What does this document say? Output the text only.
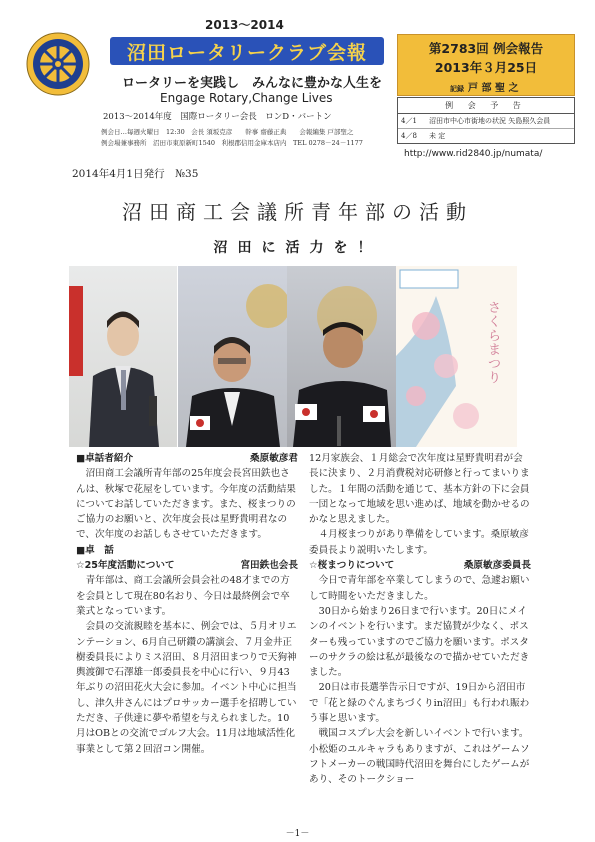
2013～2014
沼田ロータリークラブ会報
ロータリーを実践し　みんなに豊かな人生を
Engage Rotary,Change Lives
2013～2014年度　国際ロータリー会長　ロンD・バートン
例会日…毎週火曜日　12:30　会長 須坂克彦　　幹事 齋藤正典　　会報編集 戸部聖之
例会場兼事務所　沼田市東原新町1540　利根郡信用金庫本店内　TEL 0278－24－1177
第2783回 例会報告
2013年３月25日
記録 戸 部 聖 之
例 会 予 告
4／1	沼田市中心市街地の状況 矢島照久会員
4／8	未 定
http://www.rid2840.jp/numata/
2014年4月1日発行　№35
沼田商工会議所青年部の活動
沼田に活力を！
さくらまつり

■卓話者紹介	桑原敏彦君

沼田商工会議所青年部の25年度会長宮田鉄也さんは、秋塚で花屋をしています。今年度の活動結果についてお話していただきます。また、桜まつりのご協力のお願いと、次年度会長は星野貴明君なので、次年度のお話しもさせていただきます。

■卓　話

☆25年度活動について	宮田鉄也会長

青年部は、商工会議所会員会社の48才までの方を会員として現在80名おり、今日は最終例会で卒業式となっています。

会員の交流親睦を基本に、例会では、５月オリエンテーション、6月自己研鑽の講演会、７月金井正樹委員長によりミス沼田、８月沼田まつりで天狗神輿渡御で石澤雄一郎委員長を中心に行い、９月43年ぶりの沼田花火大会に参加。イベント中心に担当し、津久井さんにはプロサッカー選手を招聘していただき、子供達に夢や希望を与えられました。10月はOBとの交流でゴルフ大会。11月は地域活性化事業として第２回沼コン開催。

12月家族会、１月総会で次年度は星野貴明君が会長に決まり、２月消費税対応研修と行ってまいりました。１年間の活動を通じて、基本方針の下に会員一団となって地域を思い進めば、地域を動かせるのかなと思えました。

４月桜まつりがあり準備をしています。桑原敏彦委員長より説明いたします。

☆桜まつりについて	桑原敏彦委員長

今日で青年部を卒業してしまうので、急遽お願いして時間をいただきました。

30日から始まり26日まで行います。20日にメインのイベントを行います。まだ協賛が少なく、ポスターも残っていますのでご協力を願います。ポスターのサクラの絵は私が最後なので描かせていただきました。

20日は市長選挙告示日ですが、19日から沼田市で「花と緑のぐんまちづくりin沼田」も行われ賑わう事と思います。

戦国コスプレ大会を新しいイベントで行います。小松姫のユルキャラもありますが、これはゲームソフトメーカーの戦国時代沼田を舞台にしたゲームがあり、そのトークショー

－1－
